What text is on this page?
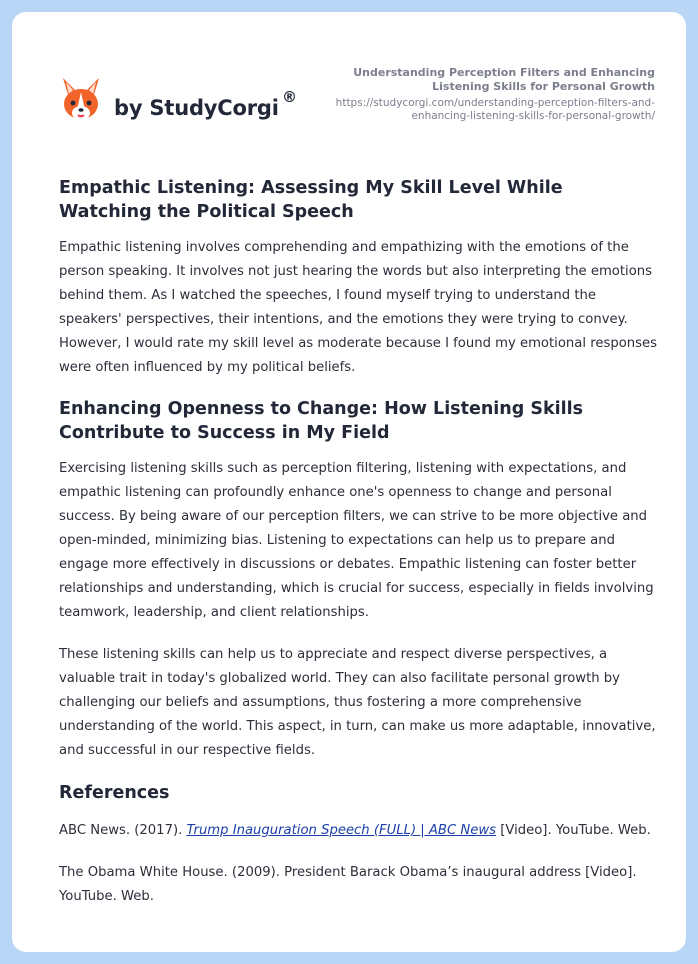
by StudyCorgi ®
Understanding Perception Filters and Enhancing Listening Skills for Personal Growth
https://studycorgi.com/understanding-perception-filters-and-enhancing-listening-skills-for-personal-growth/
Empathic Listening: Assessing My Skill Level While Watching the Political Speech

Empathic listening involves comprehending and empathizing with the emotions of the person speaking. It involves not just hearing the words but also interpreting the emotions behind them. As I watched the speeches, I found myself trying to understand the speakers' perspectives, their intentions, and the emotions they were trying to convey. However, I would rate my skill level as moderate because I found my emotional responses were often influenced by my political beliefs.

Enhancing Openness to Change: How Listening Skills Contribute to Success in My Field

Exercising listening skills such as perception filtering, listening with expectations, and empathic listening can profoundly enhance one's openness to change and personal success. By being aware of our perception filters, we can strive to be more objective and open-minded, minimizing bias. Listening to expectations can help us to prepare and engage more effectively in discussions or debates. Empathic listening can foster better relationships and understanding, which is crucial for success, especially in fields involving teamwork, leadership, and client relationships.

These listening skills can help us to appreciate and respect diverse perspectives, a valuable trait in today's globalized world. They can also facilitate personal growth by challenging our beliefs and assumptions, thus fostering a more comprehensive understanding of the world. This aspect, in turn, can make us more adaptable, innovative, and successful in our respective fields.

References

ABC News. (2017). Trump Inauguration Speech (FULL) | ABC News [Video]. YouTube. Web.

The Obama White House. (2009). President Barack Obama’s inaugural address [Video]. YouTube. Web.
